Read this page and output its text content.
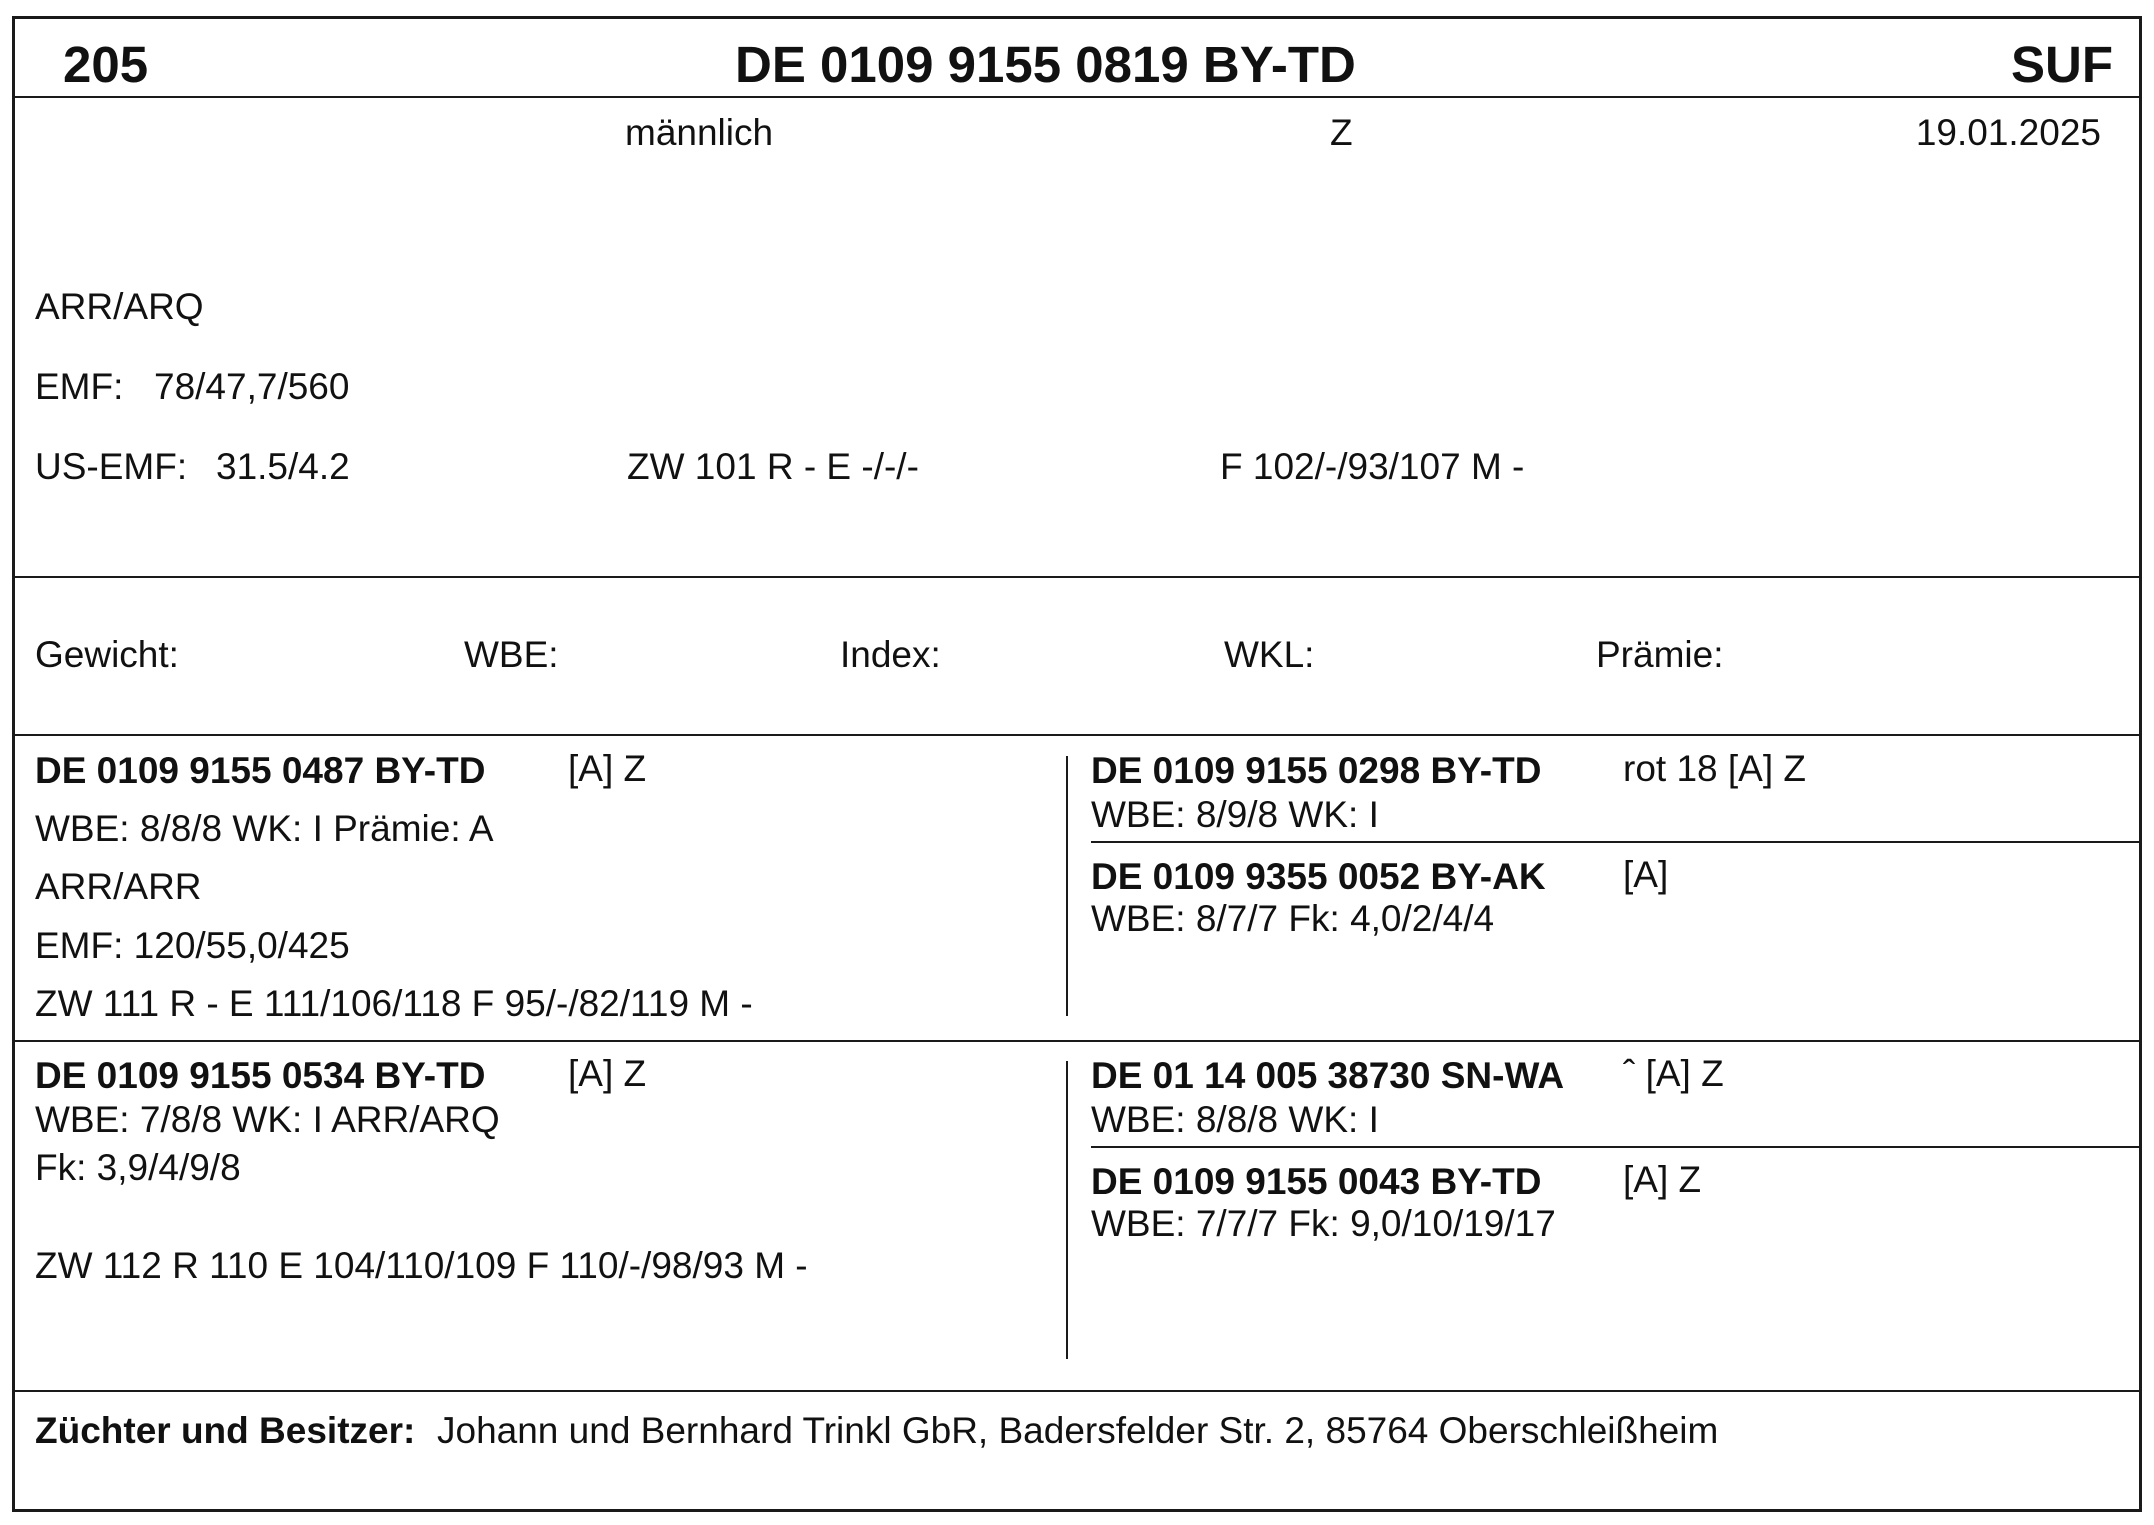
205	DE 0109 9155 0819 BY-TD	SUF
männlich	Z	19.01.2025
ARR/ARQ
EMF: 78/47,7/560
US-EMF: 31.5/4.2	ZW 101 R - E -/-/-	F 102/-/93/107 M -
Gewicht:	WBE:	Index:	WKL:	Prämie:
DE 0109 9155 0487 BY-TD [A] Z
WBE: 8/8/8 WK: I Prämie: A
ARR/ARR
EMF: 120/55,0/425
ZW 111 R - E 111/106/118 F 95/-/82/119 M -
DE 0109 9155 0298 BY-TD rot 18 [A] Z
WBE: 8/9/8 WK: I
DE 0109 9355 0052 BY-AK [A]
WBE: 8/7/7 Fk: 4,0/2/4/4
DE 0109 9155 0534 BY-TD [A] Z
WBE: 7/8/8 WK: I ARR/ARQ
Fk: 3,9/4/9/8
ZW 112 R 110 E 104/110/109 F 110/-/98/93 M -
DE 01 14 005 38730 SN-WA ˆ [A] Z
WBE: 8/8/8 WK: I
DE 0109 9155 0043 BY-TD [A] Z
WBE: 7/7/7 Fk: 9,0/10/19/17
Züchter und Besitzer: Johann und Bernhard Trinkl GbR, Badersfelder Str. 2, 85764 Oberschleißheim
